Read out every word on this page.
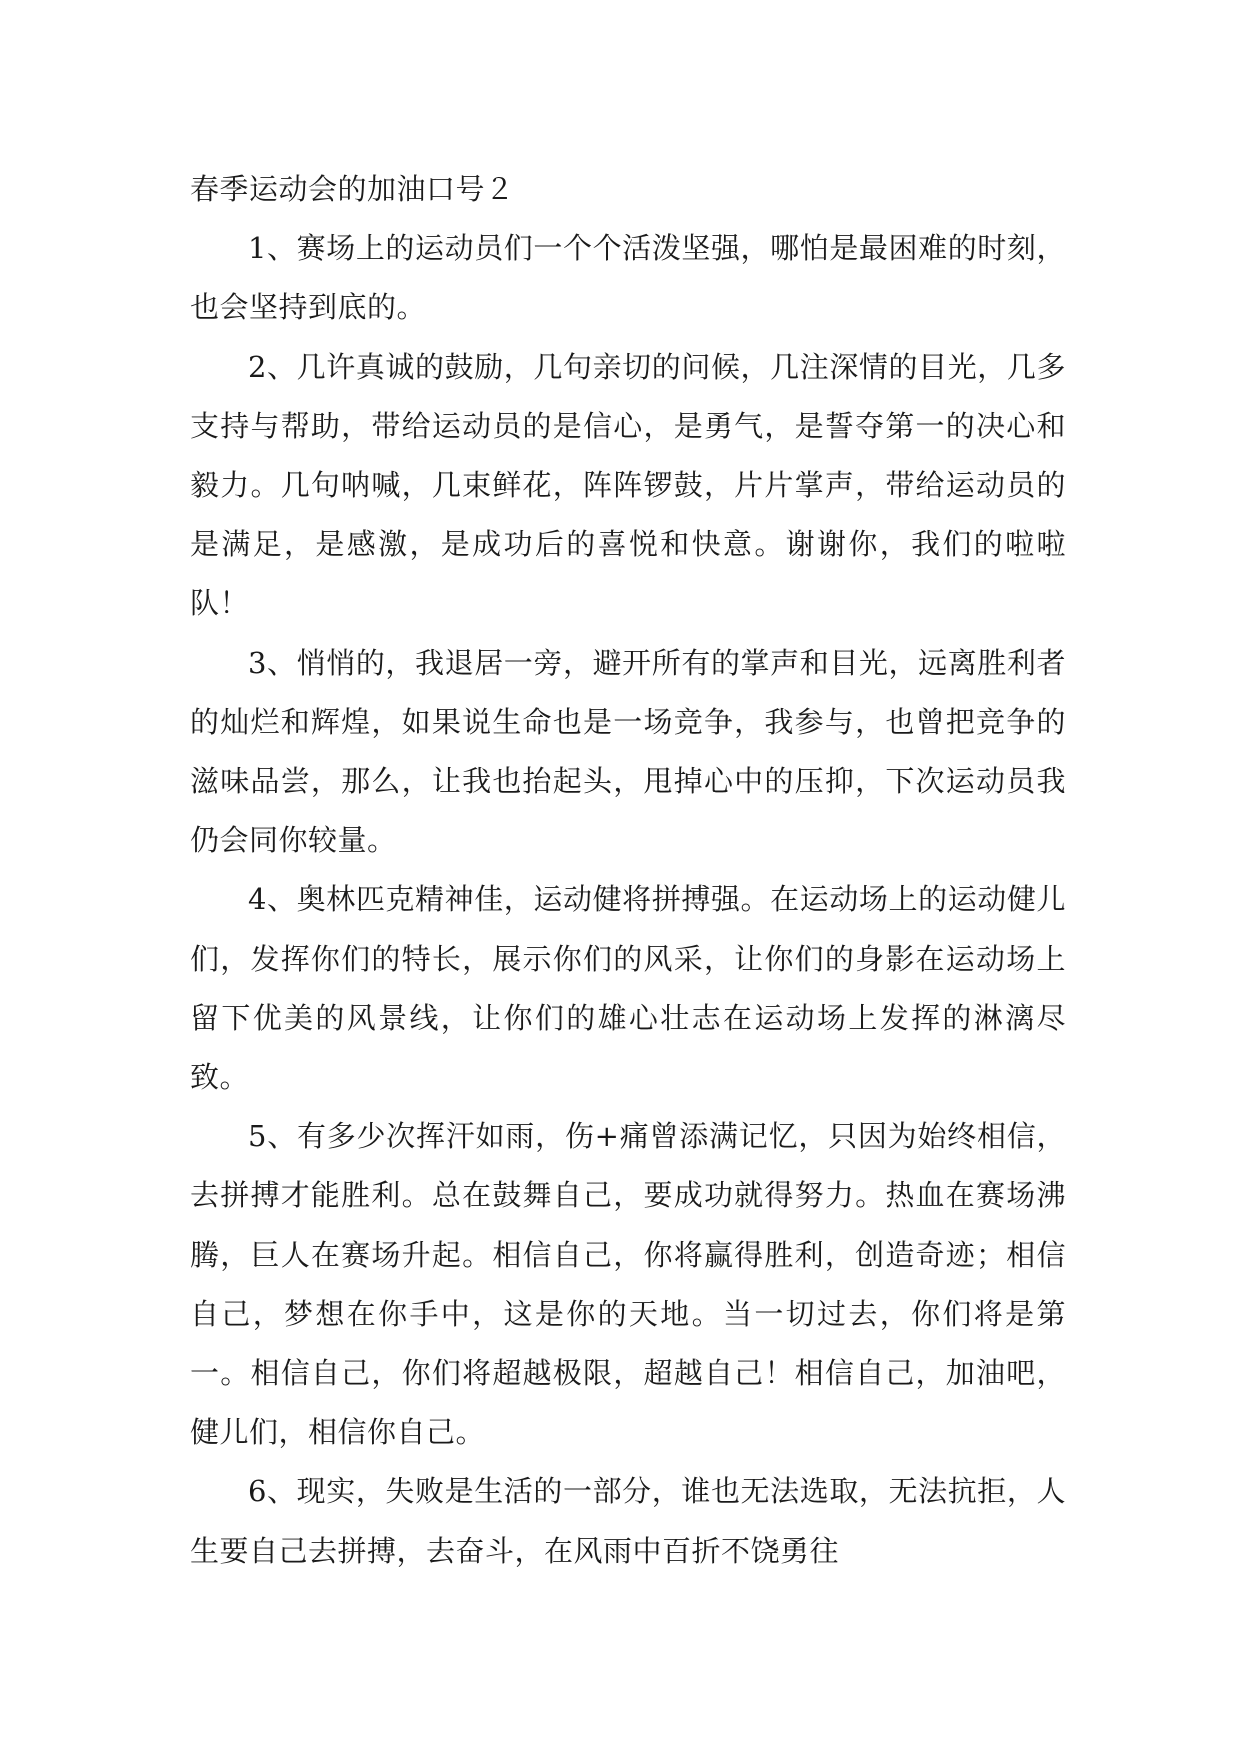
春季运动会的加油口号２

1、赛场上的运动员们一个个活泼坚强，哪怕是最困难的时刻，也会坚持到底的。

2、几许真诚的鼓励，几句亲切的问候，几注深情的目光，几多支持与帮助，带给运动员的是信心，是勇气，是誓夺第一的决心和毅力。几句呐喊，几束鲜花，阵阵锣鼓，片片掌声，带给运动员的是满足，是感激，是成功后的喜悦和快意。谢谢你，我们的啦啦队！

3、悄悄的，我退居一旁，避开所有的掌声和目光，远离胜利者的灿烂和辉煌，如果说生命也是一场竞争，我参与，也曾把竞争的滋味品尝，那么，让我也抬起头，甩掉心中的压抑，下次运动员我仍会同你较量。

4、奥林匹克精神佳，运动健将拼搏强。在运动场上的运动健儿们，发挥你们的特长，展示你们的风采，让你们的身影在运动场上留下优美的风景线，让你们的雄心壮志在运动场上发挥的淋漓尽致。

5、有多少次挥汗如雨，伤+痛曾添满记忆，只因为始终相信，去拼搏才能胜利。总在鼓舞自己，要成功就得努力。热血在赛场沸腾，巨人在赛场升起。相信自己，你将赢得胜利，创造奇迹；相信自己，梦想在你手中，这是你的天地。当一切过去，你们将是第一。相信自己，你们将超越极限，超越自己！相信自己，加油吧，健儿们，相信你自己。

6、现实，失败是生活的一部分，谁也无法选取，无法抗拒，人生要自己去拼搏，去奋斗，在风雨中百折不饶勇往
